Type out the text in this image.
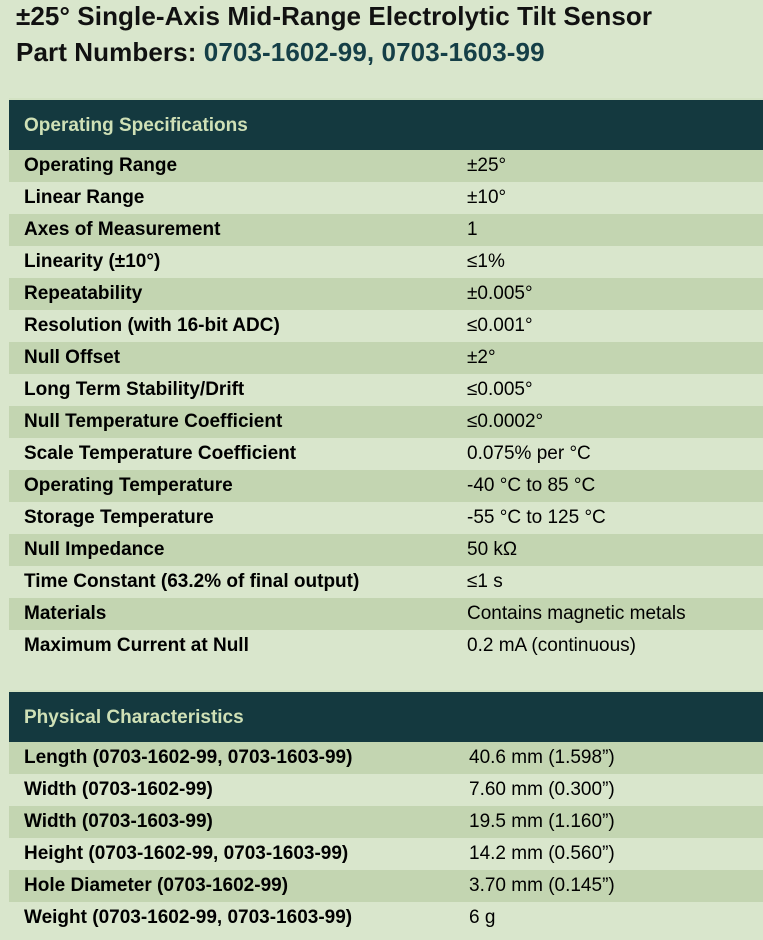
±25° Single-Axis Mid-Range Electrolytic Tilt Sensor
Part Numbers: 0703-1602-99, 0703-1603-99
Operating Specifications
Operating Range	±25°
Linear Range	±10°
Axes of Measurement	1
Linearity (±10°)	≤1%
Repeatability	±0.005°
Resolution (with 16-bit ADC)	≤0.001°
Null Offset	±2°
Long Term Stability/Drift	≤0.005°
Null Temperature Coefficient	≤0.0002°
Scale Temperature Coefficient	0.075% per °C
Operating Temperature	-40 °C to 85 °C
Storage Temperature	-55 °C to 125 °C
Null Impedance	50 kΩ
Time Constant (63.2% of final output)	≤1 s
Materials	Contains magnetic metals
Maximum Current at Null	0.2 mA (continuous)
Physical Characteristics
Length (0703-1602-99, 0703-1603-99)	40.6 mm (1.598”)
Width (0703-1602-99)	7.60 mm (0.300”)
Width (0703-1603-99)	19.5 mm (1.160”)
Height (0703-1602-99, 0703-1603-99)	14.2 mm (0.560”)
Hole Diameter (0703-1602-99)	3.70 mm (0.145”)
Weight (0703-1602-99, 0703-1603-99)	6 g
